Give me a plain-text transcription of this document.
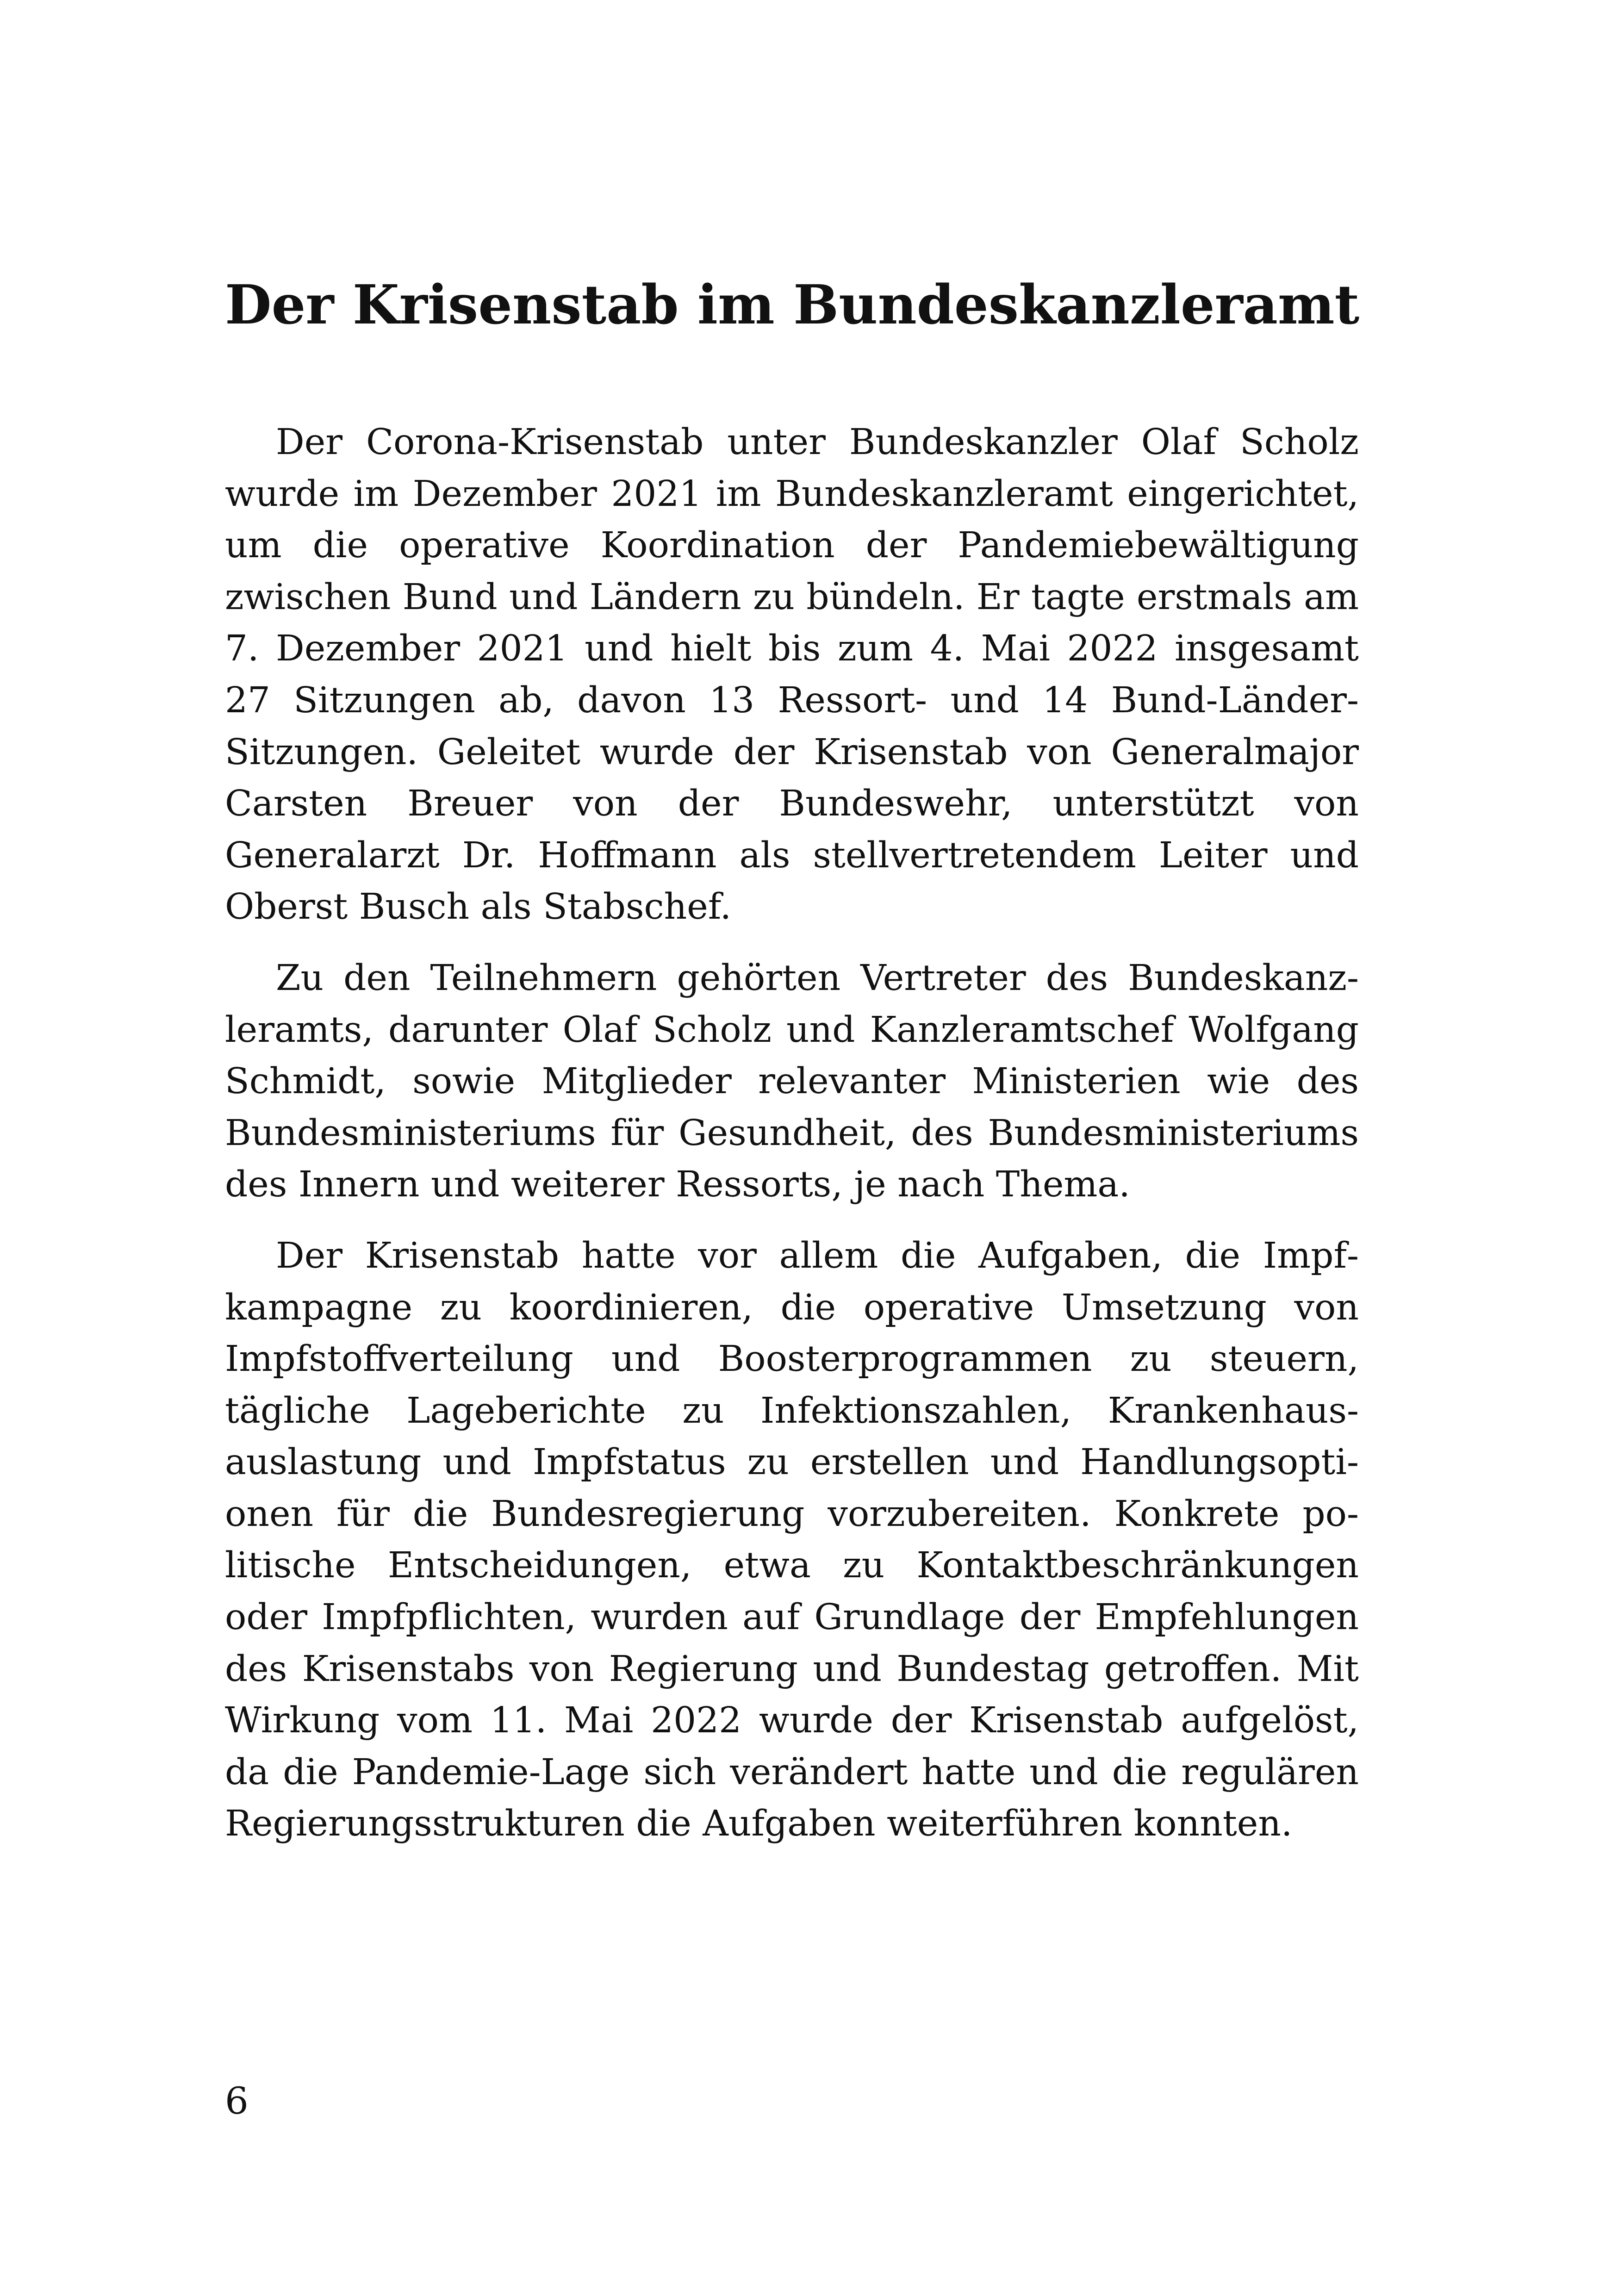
Der Krisenstab im Bundeskanzleramt

Der Corona-Krisenstab unter Bundeskanzler Olaf Scholz wurde im Dezember 2021 im Bundeskanzleramt eingerichtet, um die operative Koordination der Pandemiebewältigung zwischen Bund und Ländern zu bündeln. Er tagte erstmals am 7. Dezember 2021 und hielt bis zum 4. Mai 2022 insgesamt 27 Sitzungen ab, davon 13 Ressort- und 14 Bund-Länder-Sitzungen. Geleitet wurde der Krisenstab von Generalmajor Carsten Breuer von der Bundeswehr, unterstützt von Generalarzt Dr. Hoffmann als stellvertretendem Leiter und Oberst Busch als Stabschef.

Zu den Teilnehmern gehörten Vertreter des Bundeskanzleramts, darunter Olaf Scholz und Kanzleramtschef Wolfgang Schmidt, sowie Mitglieder relevanter Ministerien wie des Bundesministeriums für Gesundheit, des Bundesministeriums des Innern und weiterer Ressorts, je nach Thema.

Der Krisenstab hatte vor allem die Aufgaben, die Impfkampagne zu koordinieren, die operative Umsetzung von Impfstoffverteilung und Boosterprogrammen zu steuern, tägliche Lageberichte zu Infektionszahlen, Krankenhausauslastung und Impfstatus zu erstellen und Handlungsoptionen für die Bundesregierung vorzubereiten. Konkrete politische Entscheidungen, etwa zu Kontaktbeschränkungen oder Impfpflichten, wurden auf Grundlage der Empfehlungen des Krisenstabs von Regierung und Bundestag getroffen. Mit Wirkung vom 11. Mai 2022 wurde der Krisenstab aufgelöst, da die Pandemie-Lage sich verändert hatte und die regulären Regierungsstrukturen die Aufgaben weiterführen konnten.

6
